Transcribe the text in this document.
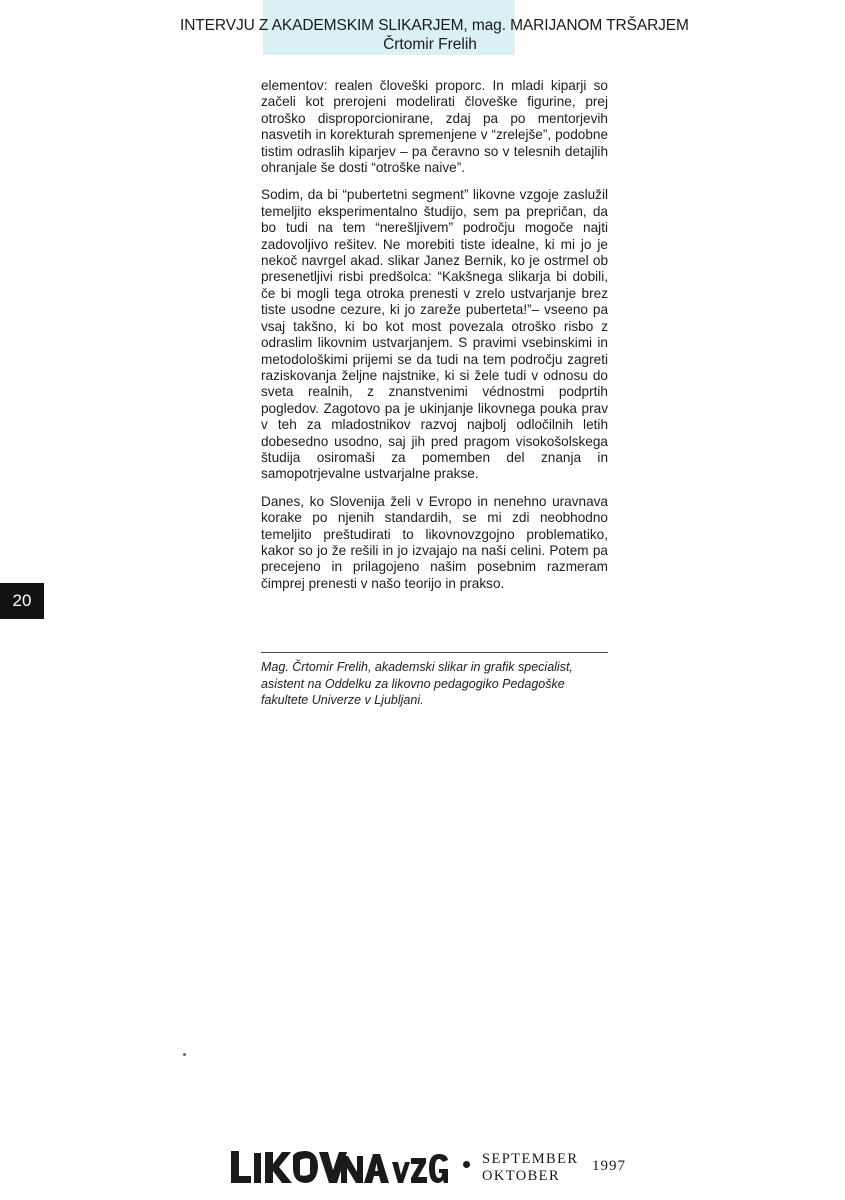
INTERVJU Z AKADEMSKIM SLIKARJEM, mag. MARIJANOM TRŠARJEM
Črtomir Frelih

elementov: realen človeški proporc. In mladi kiparji so začeli kot prerojeni modelirati človeške figurine, prej otroško disproporcionirane, zdaj pa po mentorjevih nasvetih in korekturah spremenjene v “zrelejše”, podobne tistim odraslih kiparjev – pa čeravno so v telesnih detajlih ohranjale še dosti “otroške naive”.

Sodim, da bi “pubertetni segment” likovne vzgoje zaslužil temeljito eksperimentalno študijo, sem pa prepričan, da bo tudi na tem “nerešljivem” področju mogoče najti zadovoljivo rešitev. Ne morebiti tiste idealne, ki mi jo je nekoč navrgel akad. slikar Janez Bernik, ko je ostrmel ob presenetljivi risbi predšolca: “Kakšnega slikarja bi dobili, če bi mogli tega otroka prenesti v zrelo ustvarjanje brez tiste usodne cezure, ki jo zareže puberteta!”– vseeno pa vsaj takšno, ki bo kot most povezala otroško risbo z odraslim likovnim ustvarjanjem. S pravimi vsebinskimi in metodološkimi prijemi se da tudi na tem področju zagreti raziskovanja željne najstnike, ki si žele tudi v odnosu do sveta realnih, z znanstvenimi védnostmi podprtih pogledov. Zagotovo pa je ukinjanje likovnega pouka prav v teh za mladostnikov razvoj najbolj odločilnih letih dobesedno usodno, saj jih pred pragom visokošolskega študija osiromaši za pomemben del znanja in samopotrjevalne ustvarjalne prakse.

Danes, ko Slovenija želi v Evropo in nenehno uravnava korake po njenih standardih, se mi zdi neobhodno temeljito preštudirati to likovnovzgojno problematiko, kakor so jo že rešili in jo izvajajo na naši celini. Potem pa precejeno in prilagojeno našim posebnim razmeram čimprej prenesti v našo teorijo in prakso.

Mag. Črtomir Frelih, akademski slikar in grafik specialist, asistent na Oddelku za likovno pedagogiko Pedagoške fakultete Univerze v Ljubljani.
20
SEPTEMBER
OKTOBER
1997
